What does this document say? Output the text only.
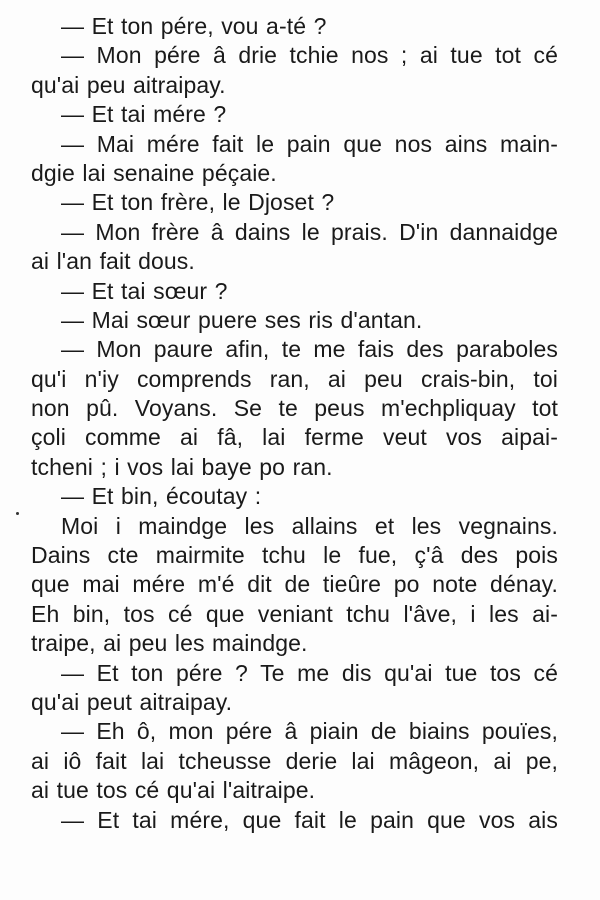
— Et ton pére, vou a-té ?
— Mon pére â drie tchie nos ; ai tue tot cé
qu'ai peu aitraipay.
— Et tai mére ?
— Mai mére fait le pain que nos ains main-
dgie lai senaine péçaie.
— Et ton frère, le Djoset ?
— Mon frère â dains le prais. D'in dannaidge
ai l'an fait dous.
— Et tai sœur ?
— Mai sœur puere ses ris d'antan.
— Mon paure afin, te me fais des paraboles
qu'i n'iy comprends ran, ai peu crais-bin, toi
non pû. Voyans. Se te peus m'echpliquay tot
çoli comme ai fâ, lai ferme veut vos aipai-
tcheni ; i vos lai baye po ran.
— Et bin, écoutay :
Moi i maindge les allains et les vegnains.
Dains cte mairmite tchu le fue, ç'â des pois
que mai mére m'é dit de tieûre po note dénay.
Eh bin, tos cé que veniant tchu l'âve, i les ai-
traipe, ai peu les maindge.
— Et ton pére ? Te me dis qu'ai tue tos cé
qu'ai peut aitraipay.
— Eh ô, mon pére â piain de biains pouïes,
ai iô fait lai tcheusse derie lai mâgeon, ai pe,
ai tue tos cé qu'ai l'aitraipe.
— Et tai mére, que fait le pain que vos ais
